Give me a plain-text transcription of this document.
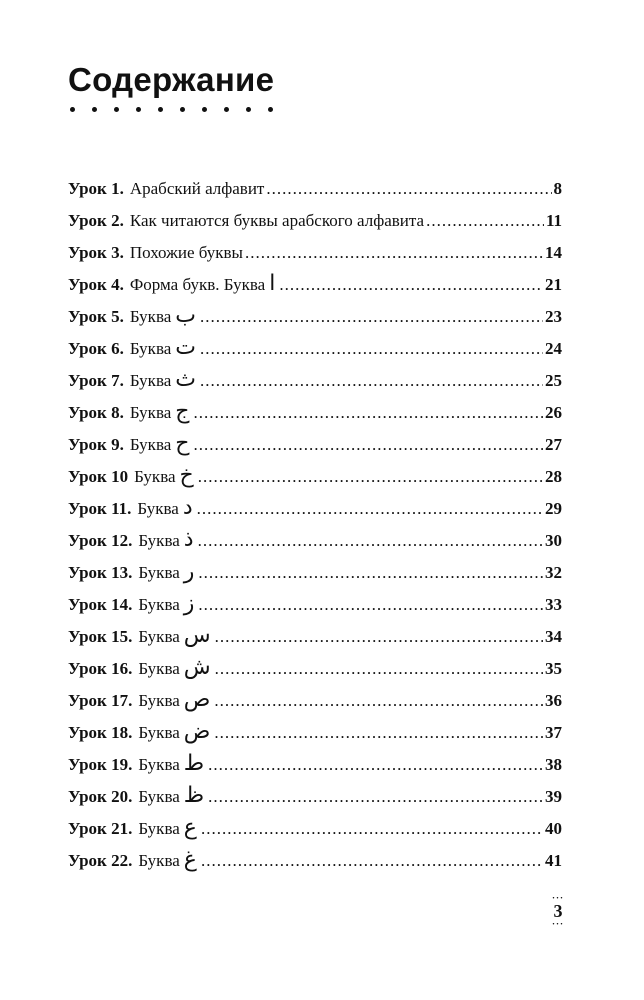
Содержание
Урок 1. Арабский алфавит .....	8
Урок 2. Как читаются буквы арабского алфавита .....	11
Урок 3. Похожие буквы .....	14
Урок 4. Форма букв. Буква ا .....	21
Урок 5. Буква ب .....	23
Урок 6. Буква ت .....	24
Урок 7. Буква ث .....	25
Урок 8. Буква ج .....	26
Урок 9. Буква ح .....	27
Урок 10 Буква خ .....	28
Урок 11. Буква د .....	29
Урок 12. Буква ذ .....	30
Урок 13. Буква ر .....	32
Урок 14. Буква ز .....	33
Урок 15. Буква س .....	34
Урок 16. Буква ش .....	35
Урок 17. Буква ص .....	36
Урок 18. Буква ض .....	37
Урок 19. Буква ط .....	38
Урок 20. Буква ظ .....	39
Урок 21. Буква ع .....	40
Урок 22. Буква غ .....	41
···
3
···
